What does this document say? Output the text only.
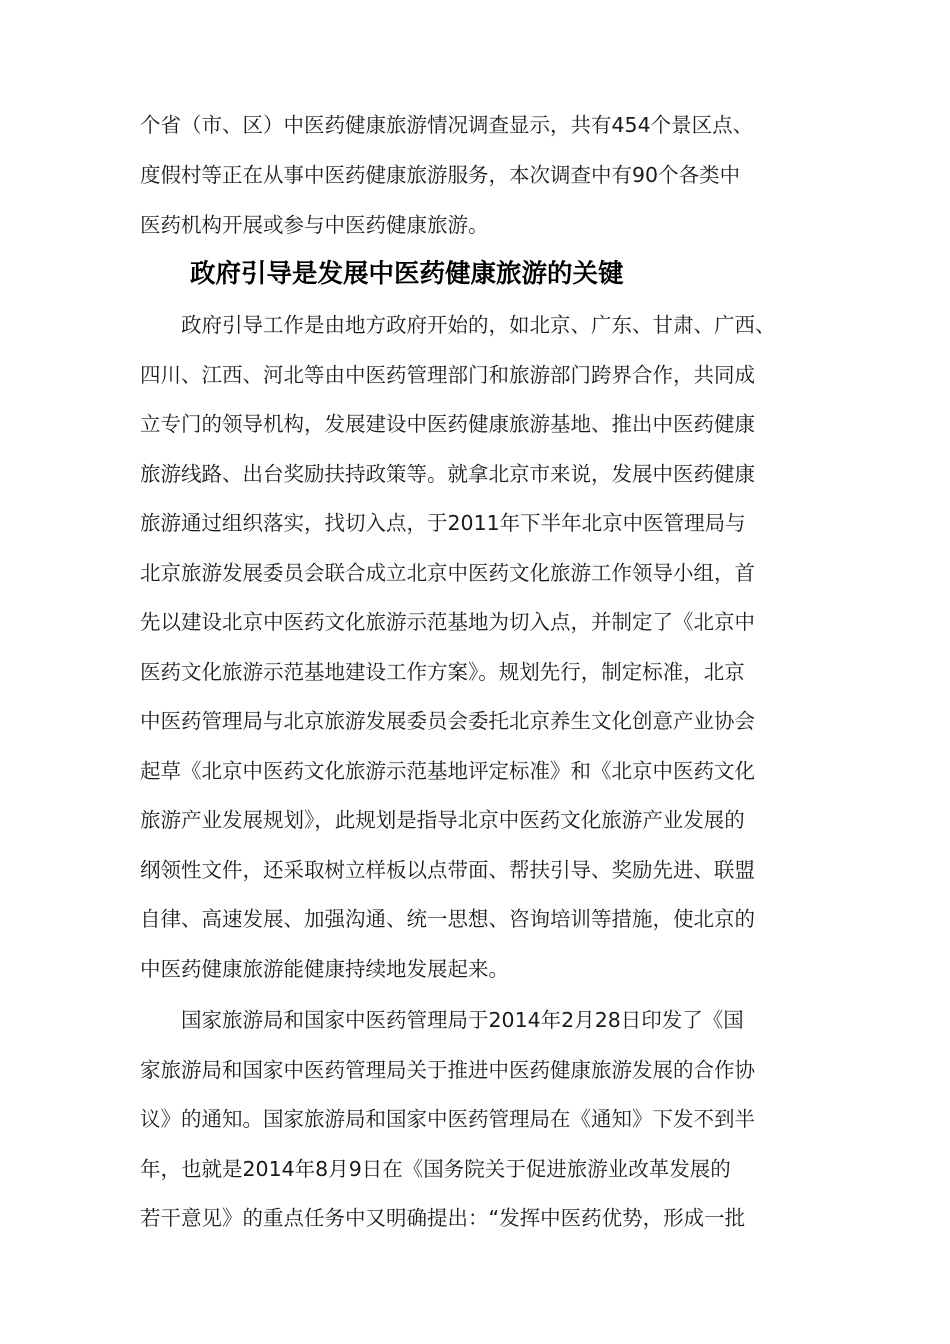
个省（市、区）中医药健康旅游情况调查显示，共有454个景区点、
度假村等正在从事中医药健康旅游服务，本次调查中有90个各类中
医药机构开展或参与中医药健康旅游。
政府引导是发展中医药健康旅游的关键
　　政府引导工作是由地方政府开始的，如北京、广东、甘肃、广西、
四川、江西、河北等由中医药管理部门和旅游部门跨界合作，共同成
立专门的领导机构，发展建设中医药健康旅游基地、推出中医药健康
旅游线路、出台奖励扶持政策等。就拿北京市来说，发展中医药健康
旅游通过组织落实，找切入点，于2011年下半年北京中医管理局与
北京旅游发展委员会联合成立北京中医药文化旅游工作领导小组，首
先以建设北京中医药文化旅游示范基地为切入点，并制定了《北京中
医药文化旅游示范基地建设工作方案》。规划先行，制定标准，北京
中医药管理局与北京旅游发展委员会委托北京养生文化创意产业协会
起草《北京中医药文化旅游示范基地评定标准》和《北京中医药文化
旅游产业发展规划》，此规划是指导北京中医药文化旅游产业发展的
纲领性文件，还采取树立样板以点带面、帮扶引导、奖励先进、联盟
自律、高速发展、加强沟通、统一思想、咨询培训等措施，使北京的
中医药健康旅游能健康持续地发展起来。
　　国家旅游局和国家中医药管理局于2014年2月28日印发了《国
家旅游局和国家中医药管理局关于推进中医药健康旅游发展的合作协
议》的通知。国家旅游局和国家中医药管理局在《通知》下发不到半
年，也就是2014年8月9日在《国务院关于促进旅游业改革发展的
若干意见》的重点任务中又明确提出：“发挥中医药优势，形成一批
